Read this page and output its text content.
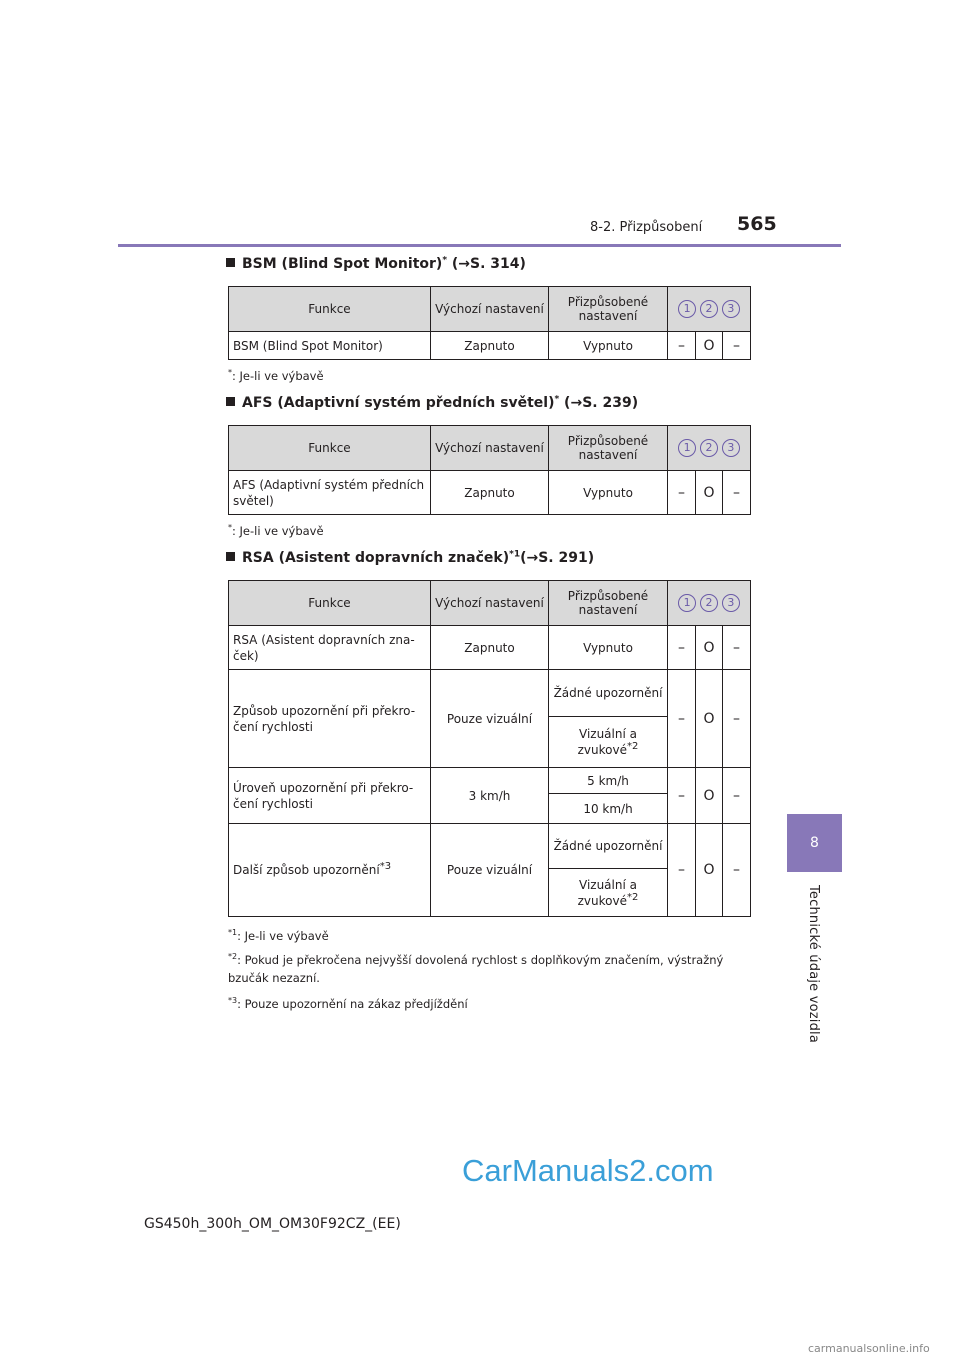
8-2. Přizpůsobení 565
8
Technické údaje vozidla
BSM (Blind Spot Monitor)* (→S. 314)
Funkce	Výchozí nastavení	Přizpůsobené nastavení	1 2 3		
BSM (Blind Spot Monitor)	Zapnuto	Vypnuto	–	O	–
*: Je-li ve výbavě
AFS (Adaptivní systém předních světel)* (→S. 239)
Funkce	Výchozí nastavení	Přizpůsobené nastavení	1 2 3		
AFS (Adaptivní systém předních světel)	Zapnuto	Vypnuto	–	O	–
*: Je-li ve výbavě
RSA (Asistent dopravních značek)$^{*1}$(→S. 291)
Funkce	Výchozí nastavení	Přizpůsobené nastavení	1 2 3		
RSA (Asistent dopravních zna-ček)	Zapnuto	Vypnuto	–	O	–
Způsob upozornění při překro-čení rychlosti	Pouze vizuální	Žádné upozornění	–	O	–
		Vizuální a zvukové$^{*2}$
Úroveň upozornění při překro-čení rychlosti	3 km/h	5 km/h	–	O	–
		10 km/h			
Další způsob upozornění$^{*3}$	Pouze vizuální	Žádné upozornění	–	O	–
		Vizuální a zvukové$^{*2}$
$^{*1}$: Je-li ve výbavě
$^{*2}$: Pokud je překročena nejvyšší dovolená rychlost s doplňkovým značením, výstražný bzučák nezazní.
$^{*3}$: Pouze upozornění na zákaz předjíždění
CarManuals2.com
GS450h_300h_OM_OM30F92CZ_(EE)
carmanualsonline.info
